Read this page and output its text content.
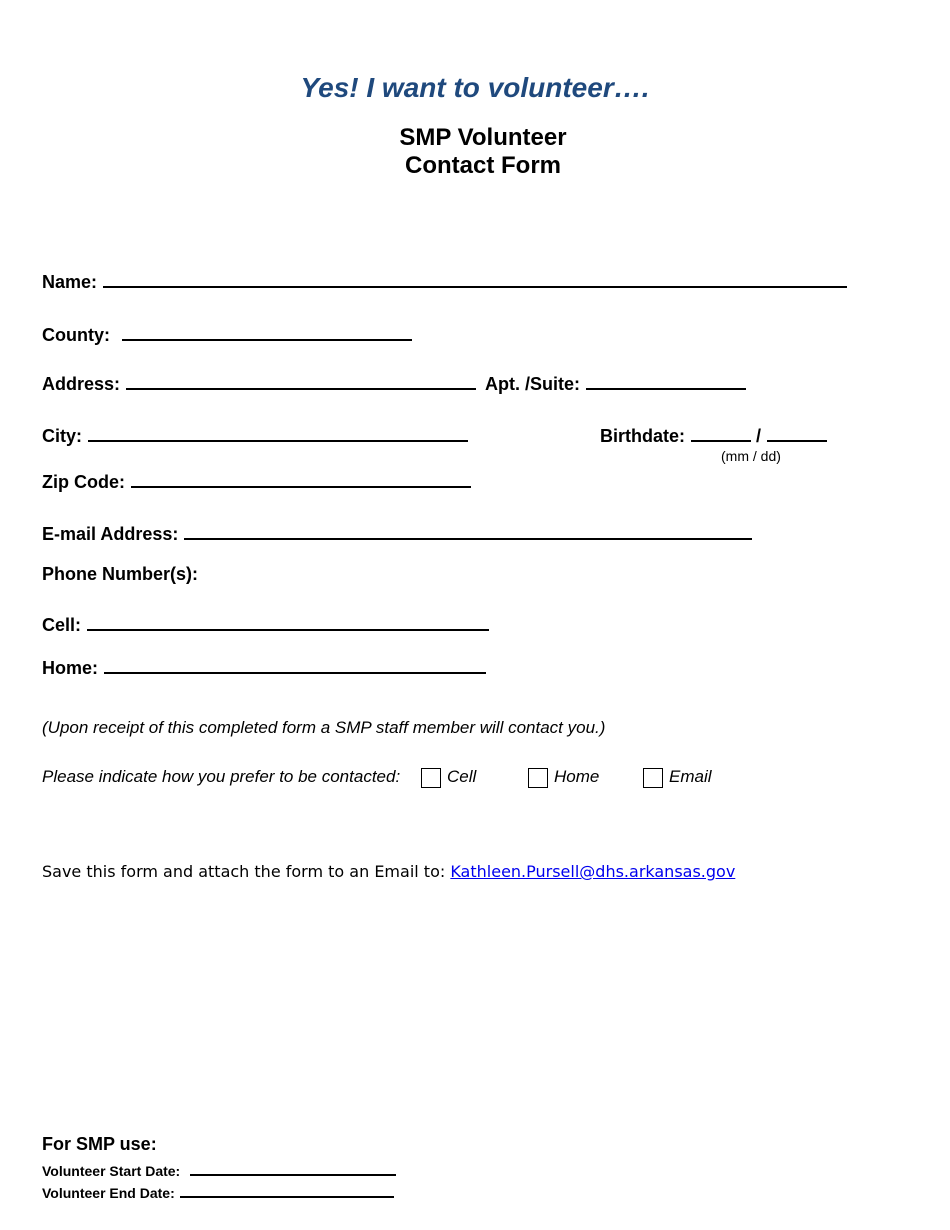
Yes! I want to volunteer….
SMP Volunteer
Contact Form
Name:
County:
Address:	Apt. /Suite:
City:	Birthdate:	/
(mm / dd)
Zip Code:
E-mail Address:
Phone Number(s):
Cell:
Home:
(Upon receipt of this completed form a SMP staff member will contact you.)
Please indicate how you prefer to be contacted:	Cell	Home	Email
Save this form and attach the form to an Email to: Kathleen.Pursell@dhs.arkansas.gov
For SMP use:
Volunteer Start Date:
Volunteer End Date:
